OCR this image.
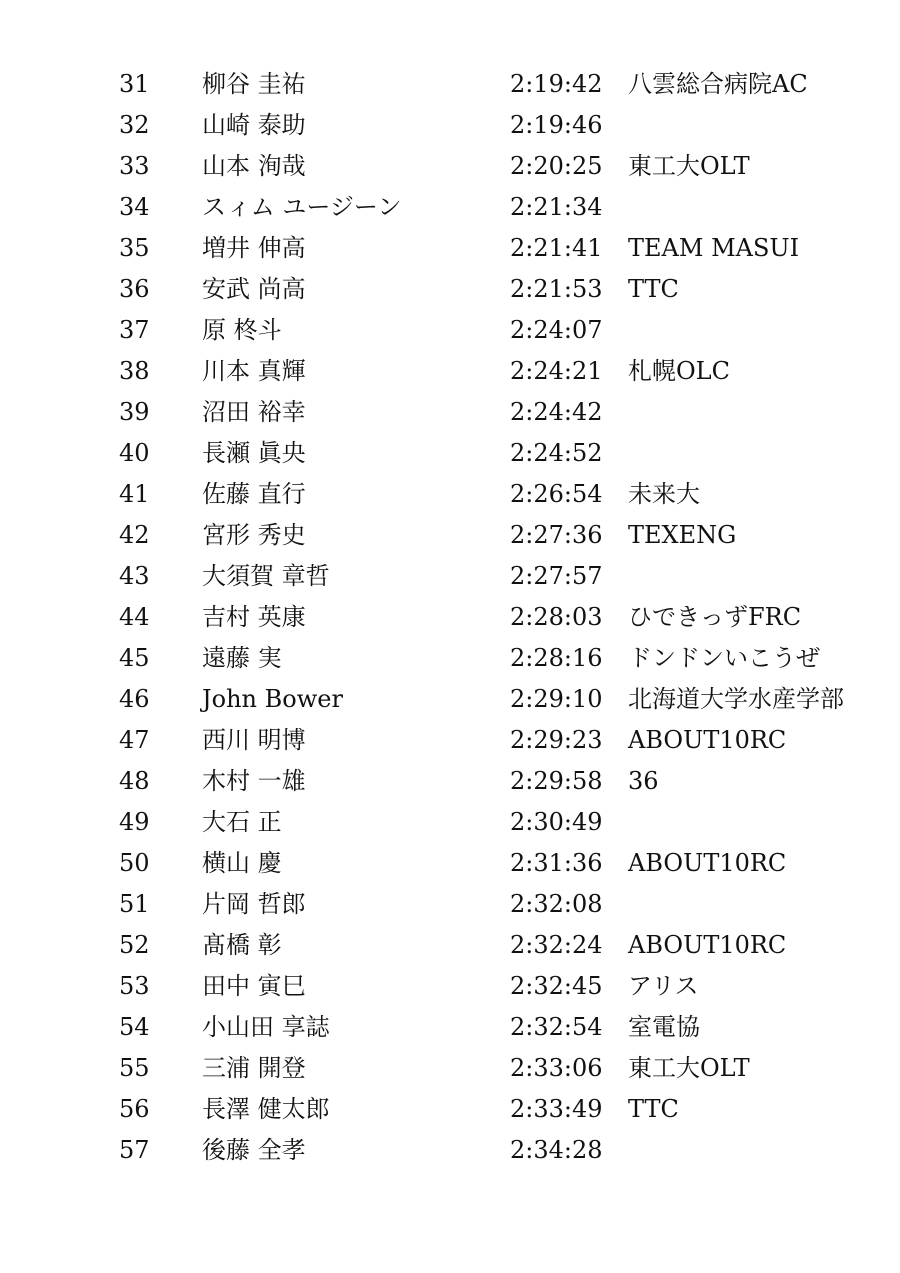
31 柳谷 圭祐	2:19:42 八雲総合病院AC
32 山崎 泰助	2:19:46
33 山本 洵哉	2:20:25 東工大OLT
34 スィム ユージーン	2:21:34
35 増井 伸高	2:21:41 TEAM MASUI
36 安武 尚高	2:21:53 TTC
37 原 柊斗	2:24:07
38 川本 真輝	2:24:21 札幌OLC
39 沼田 裕幸	2:24:42
40 長瀬 眞央	2:24:52
41 佐藤 直行	2:26:54 未来大
42 宮形 秀史	2:27:36 TEXENG
43 大須賀 章哲	2:27:57
44 吉村 英康	2:28:03 ひできっずFRC
45 遠藤 実	2:28:16 ドンドンいこうぜ
46 John Bower	2:29:10 北海道大学水産学部
47 西川 明博	2:29:23 ABOUT10RC
48 木村 一雄	2:29:58 36
49 大石 正	2:30:49
50 横山 慶	2:31:36 ABOUT10RC
51 片岡 哲郎	2:32:08
52 髙橋 彰	2:32:24 ABOUT10RC
53 田中 寅巳	2:32:45 アリス
54 小山田 享誌	2:32:54 室電協
55 三浦 開登	2:33:06 東工大OLT
56 長澤 健太郎	2:33:49 TTC
57 後藤 全孝	2:34:28
